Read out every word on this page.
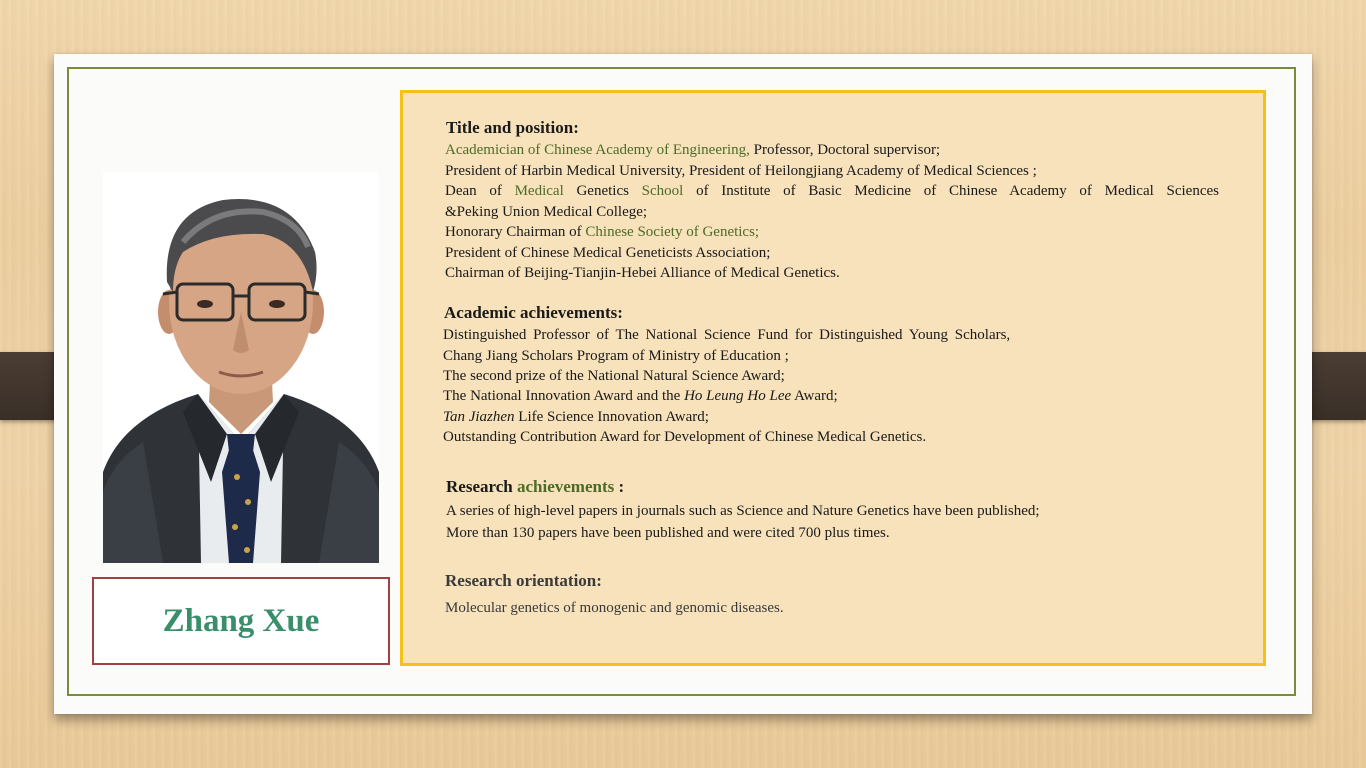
Zhang Xue
Title and position:
Academician of Chinese Academy of Engineering, Professor, Doctoral supervisor;
President of Harbin Medical University, President of Heilongjiang Academy of Medical Sciences ;
Dean of Medical Genetics School of Institute of Basic Medicine of Chinese Academy of Medical Sciences
&Peking Union Medical College;
Honorary Chairman of Chinese Society of Genetics;
President of Chinese Medical Geneticists Association;
Chairman of Beijing-Tianjin-Hebei Alliance of Medical Genetics.
Academic achievements:
Distinguished Professor of The National Science Fund for Distinguished Young Scholars,
Chang Jiang Scholars Program of Ministry of Education ;
The second prize of the National Natural Science Award;
The National Innovation Award and the Ho Leung Ho Lee Award;
Tan Jiazhen Life Science Innovation Award;
Outstanding Contribution Award for Development of Chinese Medical Genetics.
Research achievements :
A series of high-level papers in journals such as Science and Nature Genetics have been published;
More than 130 papers have been published and were cited 700 plus times.
Research orientation:
Molecular genetics of monogenic and genomic diseases.
